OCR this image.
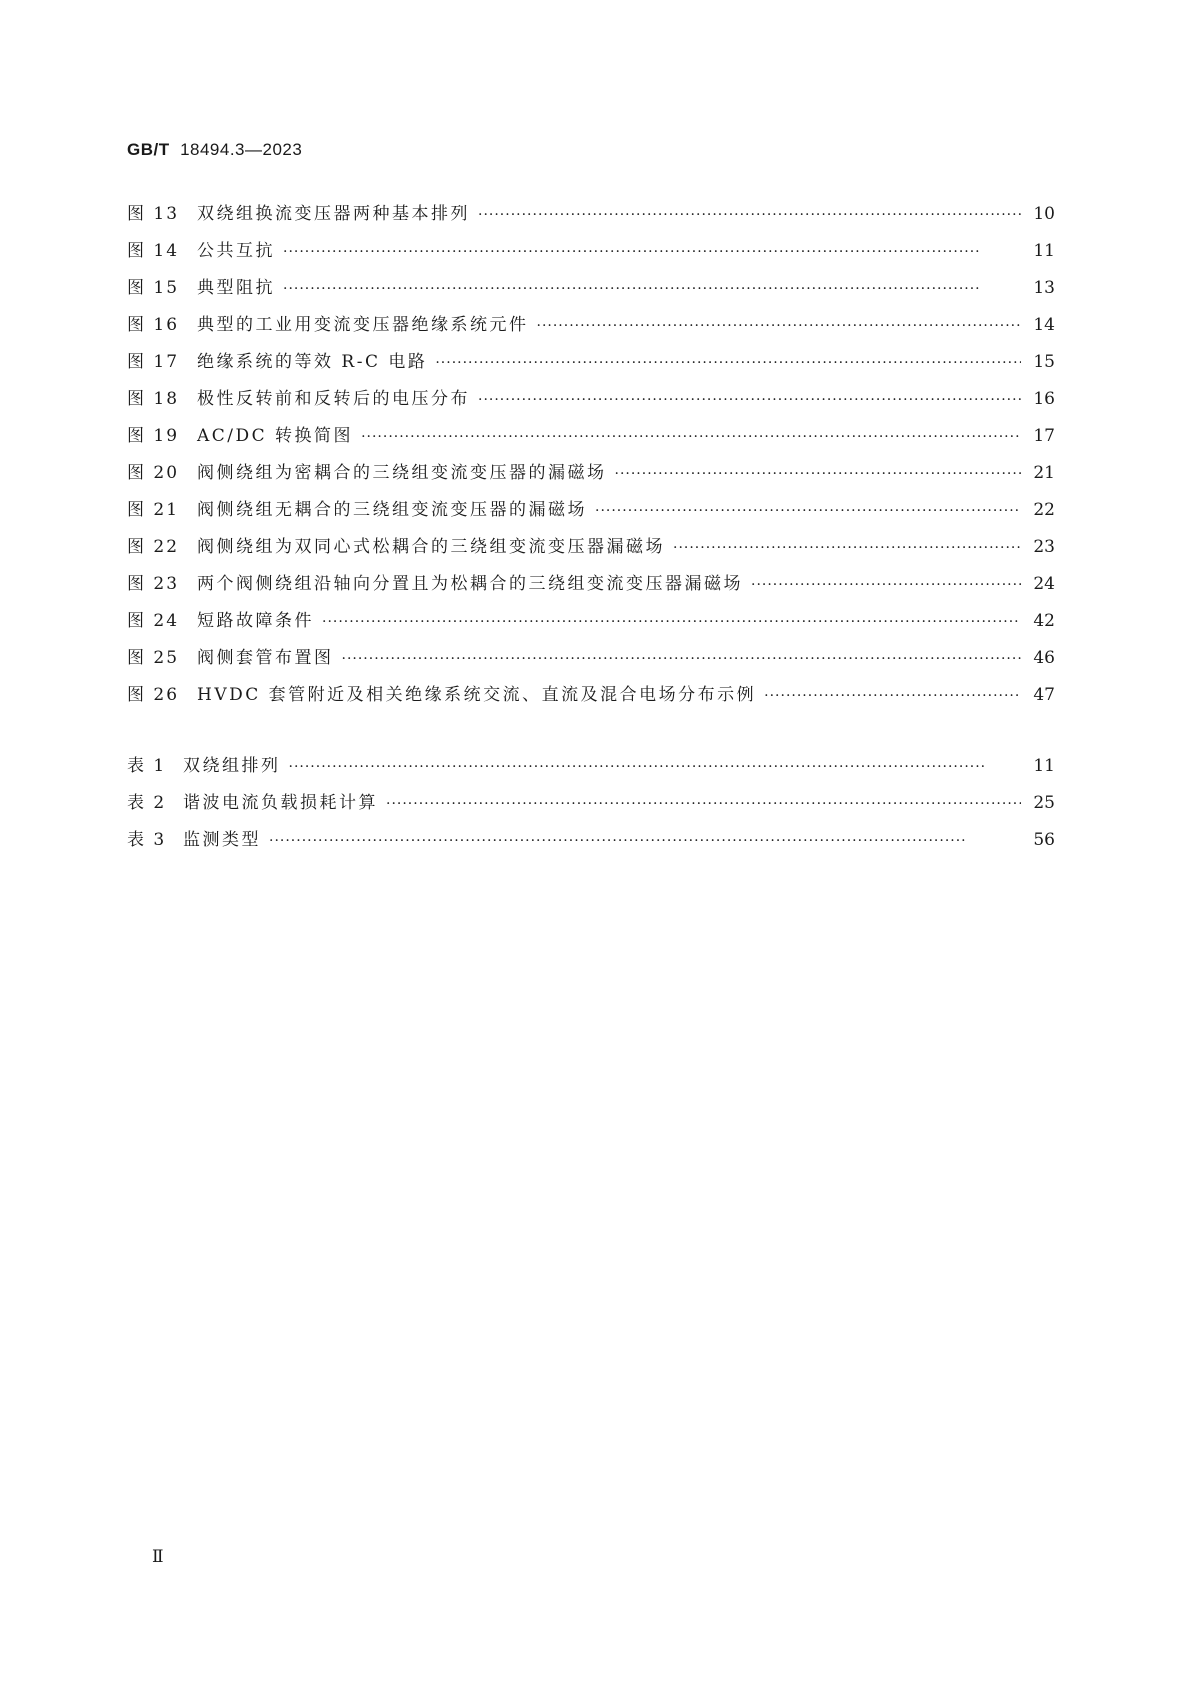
GB/T 18494.3—2023
图 13	双绕组换流变压器两种基本排列 ·····	10
图 14	公共互抗 ·····	11
图 15	典型阻抗 ·····	13
图 16	典型的工业用变流变压器绝缘系统元件 ·····	14
图 17	绝缘系统的等效 R-C 电路 ·····	15
图 18	极性反转前和反转后的电压分布 ·····	16
图 19	AC/DC 转换简图 ·····	17
图 20	阀侧绕组为密耦合的三绕组变流变压器的漏磁场 ·····	21
图 21	阀侧绕组无耦合的三绕组变流变压器的漏磁场 ·····	22
图 22	阀侧绕组为双同心式松耦合的三绕组变流变压器漏磁场 ·····	23
图 23	两个阀侧绕组沿轴向分置且为松耦合的三绕组变流变压器漏磁场 ·····	24
图 24	短路故障条件 ·····	42
图 25	阀侧套管布置图 ·····	46
图 26	HVDC 套管附近及相关绝缘系统交流、直流及混合电场分布示例 ·····	47
表 1 双绕组排列 ·····	11
表 2 谐波电流负载损耗计算 ·····	25
表 3 监测类型 ·····	56
Ⅱ
